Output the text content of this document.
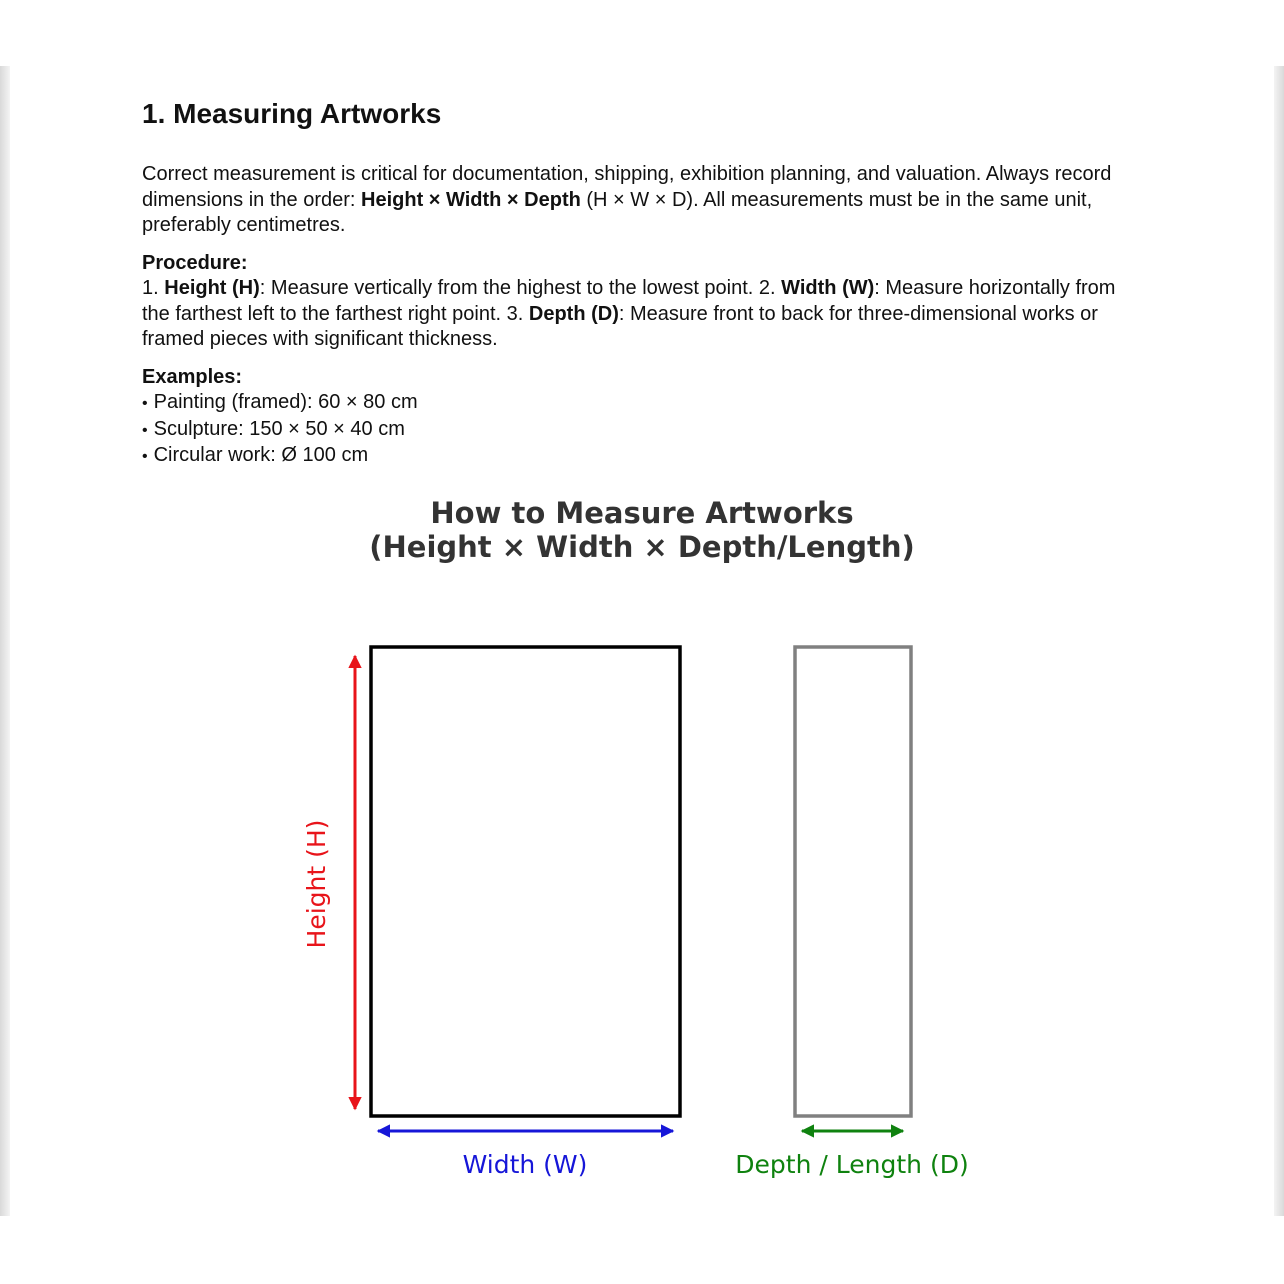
1. Measuring Artworks

Correct measurement is critical for documentation, shipping, exhibition planning, and valuation. Always record dimensions in the order: Height × Width × Depth (H × W × D). All measurements must be in the same unit, preferably centimetres.

Procedure:
1. Height (H): Measure vertically from the highest to the lowest point. 2. Width (W): Measure horizontally from the farthest left to the farthest right point. 3. Depth (D): Measure front to back for three-dimensional works or framed pieces with significant thickness.

Examples:

• Painting (framed): 60 × 80 cm
• Sculpture: 150 × 50 × 40 cm
• Circular work: Ø 100 cm
How to Measure Artworks
(Height × Width × Depth/Length)
Height (H)
Width (W)	Depth / Length (D)
